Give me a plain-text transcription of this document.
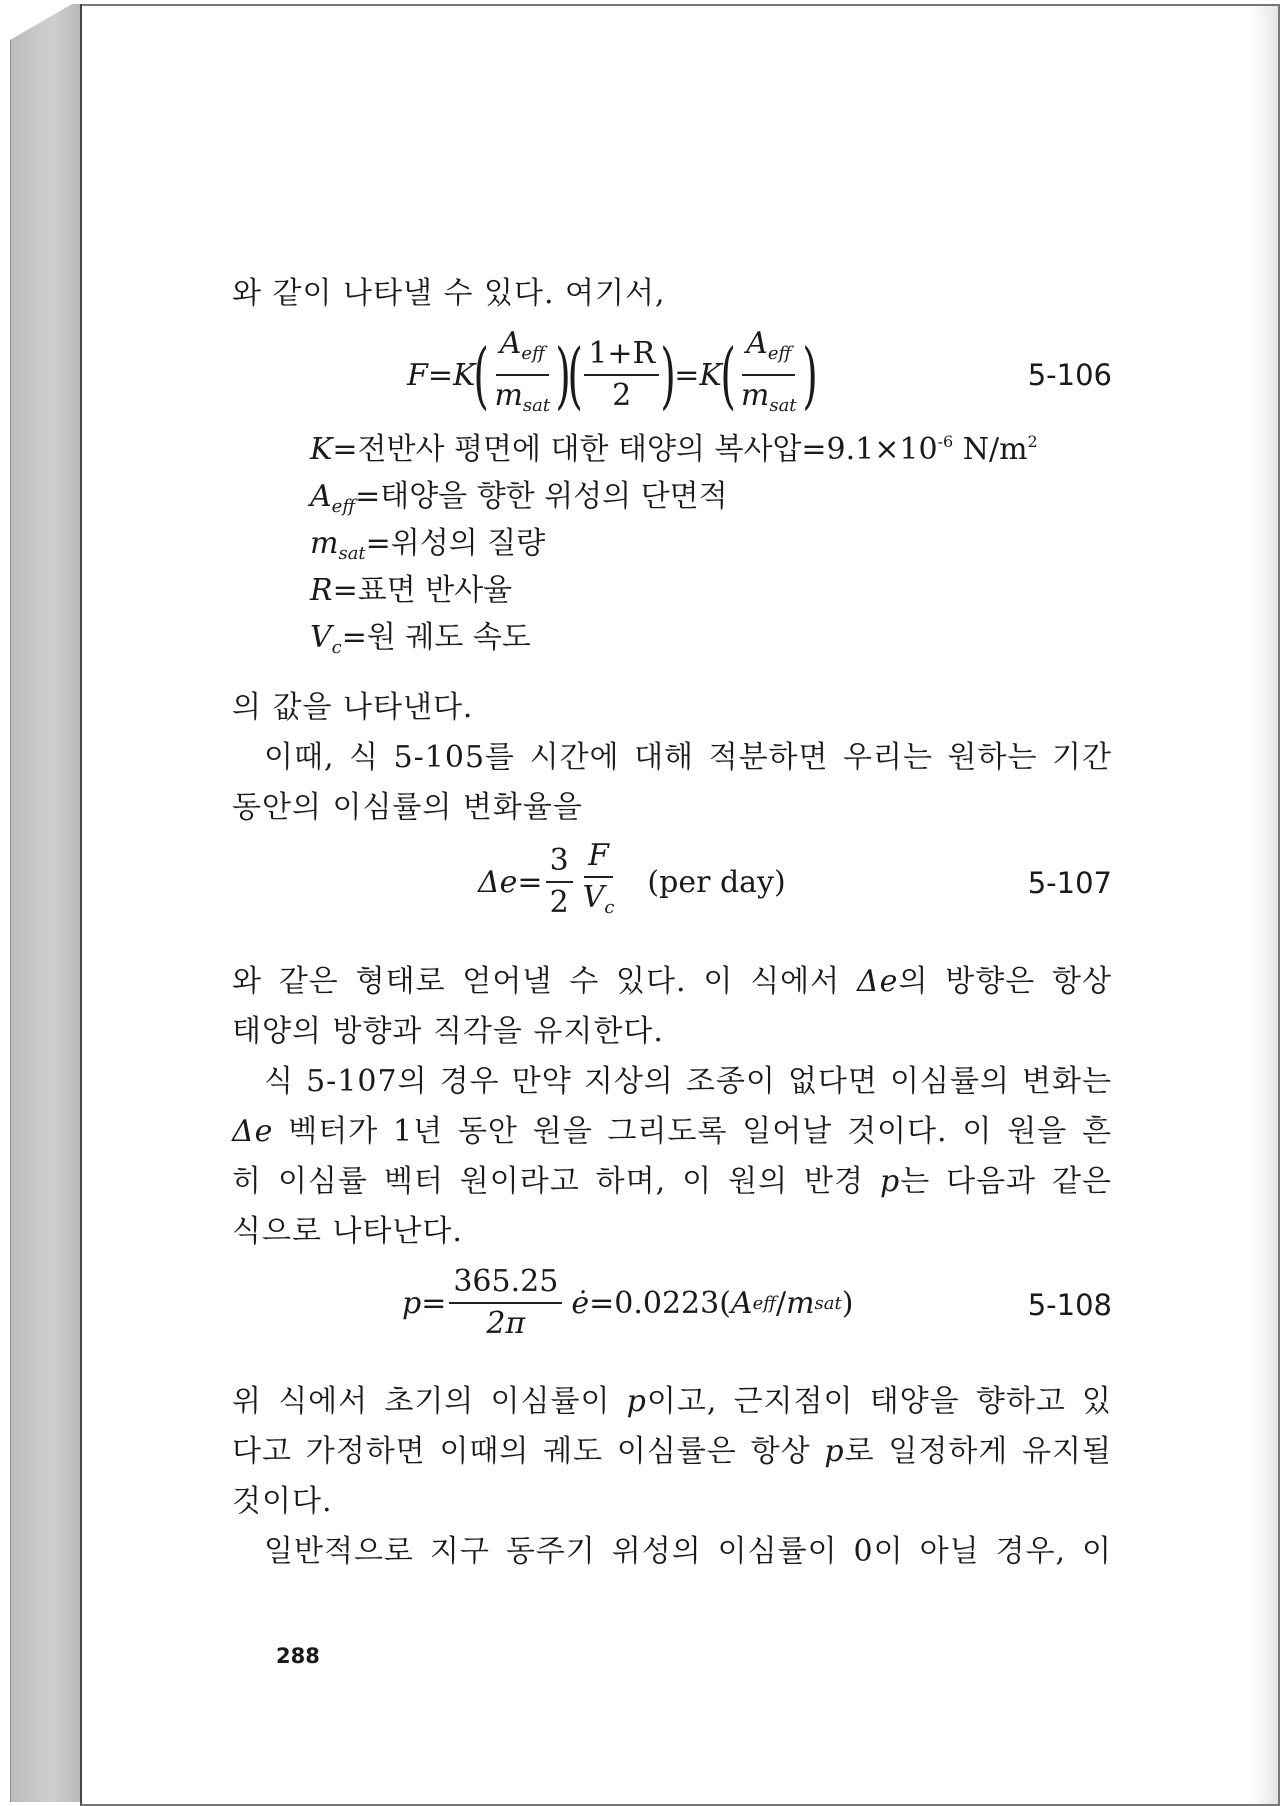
와 같이 나타낼 수 있다. 여기서,
F=K
( $\frac{A_{eff}}{m_{sat}}$ )
( $\frac{1+R}{2}$ )
=K
( $\frac{A_{eff}}{m_{sat}}$ )	5-106
K=전반사 평면에 대한 태양의 복사압$=9.1\times 10^{-6}$ $N/m^2$
$A_{eff}=$태양을 향한 위성의 단면적
$m_{sat}=$위성의 질량
R=표면 반사율
$V_c=$원 궤도 속도
의 값을 나타낸다.
이때, 식 5-105를 시간에 대해 적분하면 우리는 원하는 기간
동안의 이심률의 변화율을
$\Delta e= \frac{3}{2} \frac{F}{V_c} (per$ day)	5-107
와 같은 형태로 얻어낼 수 있다. 이 식에서 Δe의 방향은 항상
태양의 방향과 직각을 유지한다.
식 5-107의 경우 만약 지상의 조종이 없다면 이심률의 변화는
Δe 벡터가 1년 동안 원을 그리도록 일어날 것이다. 이 원을 흔
히 이심률 벡터 원이라고 하며, 이 원의 반경 p는 다음과 같은
식으로 나타난다.
$p= \frac{365.25}{2\pi}$ ė =0.0223( A eff / m sat )	5-108
위 식에서 초기의 이심률이 p이고, 근지점이 태양을 향하고 있
다고 가정하면 이때의 궤도 이심률은 항상 p로 일정하게 유지될
것이다.
일반적으로 지구 동주기 위성의 이심률이 0이 아닐 경우, 이
288
